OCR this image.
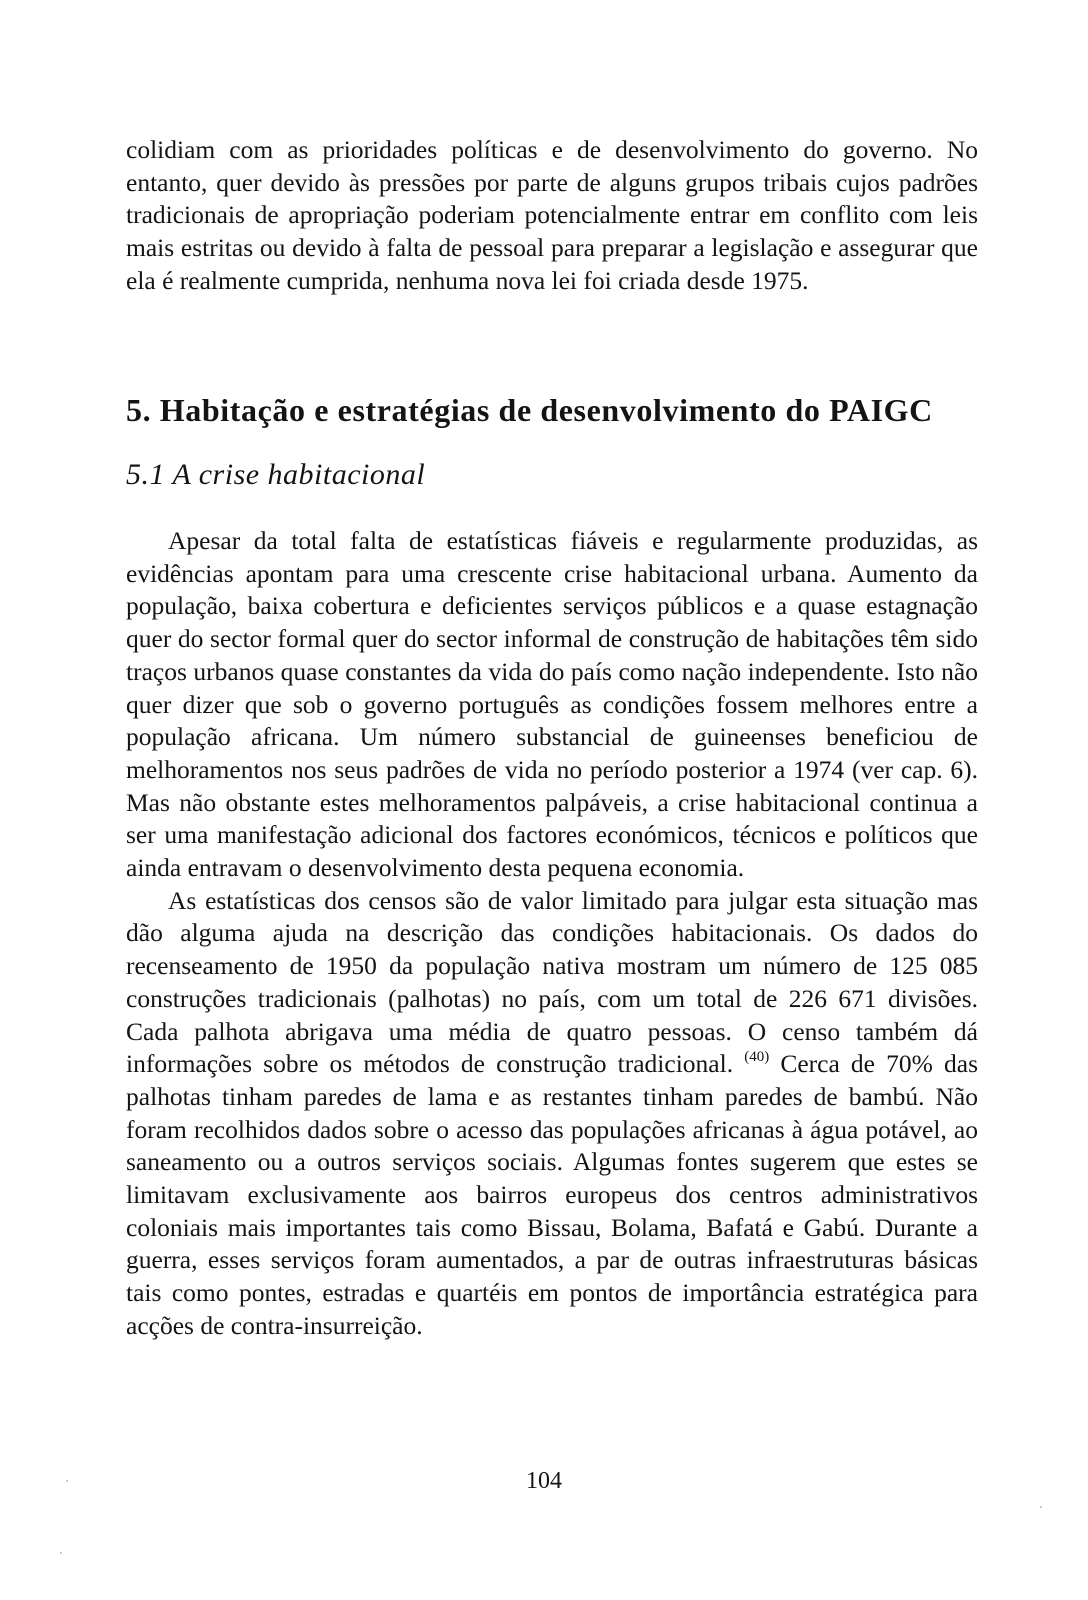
colidiam com as prioridades políticas e de desenvolvimento do governo. No entanto, quer devido às pressões por parte de alguns grupos tribais cujos padrões tradicionais de apropriação poderiam potencialmente entrar em conflito com leis mais estritas ou devido à falta de pessoal para preparar a legislação e assegurar que ela é realmente cumprida, nenhuma nova lei foi criada desde 1975.

5. Habitação e estratégias de desenvolvimento do PAIGC
5.1 A crise habitacional

Apesar da total falta de estatísticas fiáveis e regularmente produzidas, as evidências apontam para uma crescente crise habitacional urbana. Aumento da população, baixa cobertura e deficientes serviços públicos e a quase estagnação quer do sector formal quer do sector informal de construção de habitações têm sido traços urbanos quase constantes da vida do país como nação independente. Isto não quer dizer que sob o governo português as condições fossem melhores entre a população africana. Um número substancial de guineenses beneficiou de melhoramentos nos seus padrões de vida no período posterior a 1974 (ver cap. 6). Mas não obstante estes melhoramentos palpáveis, a crise habitacional continua a ser uma manifestação adicional dos factores económicos, técnicos e políticos que ainda entravam o desenvolvimento desta pequena economia.

As estatísticas dos censos são de valor limitado para julgar esta situação mas dão alguma ajuda na descrição das condições habitacionais. Os dados do recenseamento de 1950 da população nativa mostram um número de 125 085 construções tradicionais (palhotas) no país, com um total de 226 671 divisões. Cada palhota abrigava uma média de quatro pessoas. O censo também dá informações sobre os métodos de construção tradicional. $^{(40)}$ Cerca de 70% das palhotas tinham paredes de lama e as restantes tinham paredes de bambú. Não foram recolhidos dados sobre o acesso das populações africanas à água potável, ao saneamento ou a outros serviços sociais. Algumas fontes sugerem que estes se limitavam exclusivamente aos bairros europeus dos centros administrativos coloniais mais importantes tais como Bissau, Bolama, Bafatá e Gabú. Durante a guerra, esses serviços foram aumentados, a par de outras infraestruturas básicas tais como pontes, estradas e quartéis em pontos de importância estratégica para acções de contra-insurreição.

104
